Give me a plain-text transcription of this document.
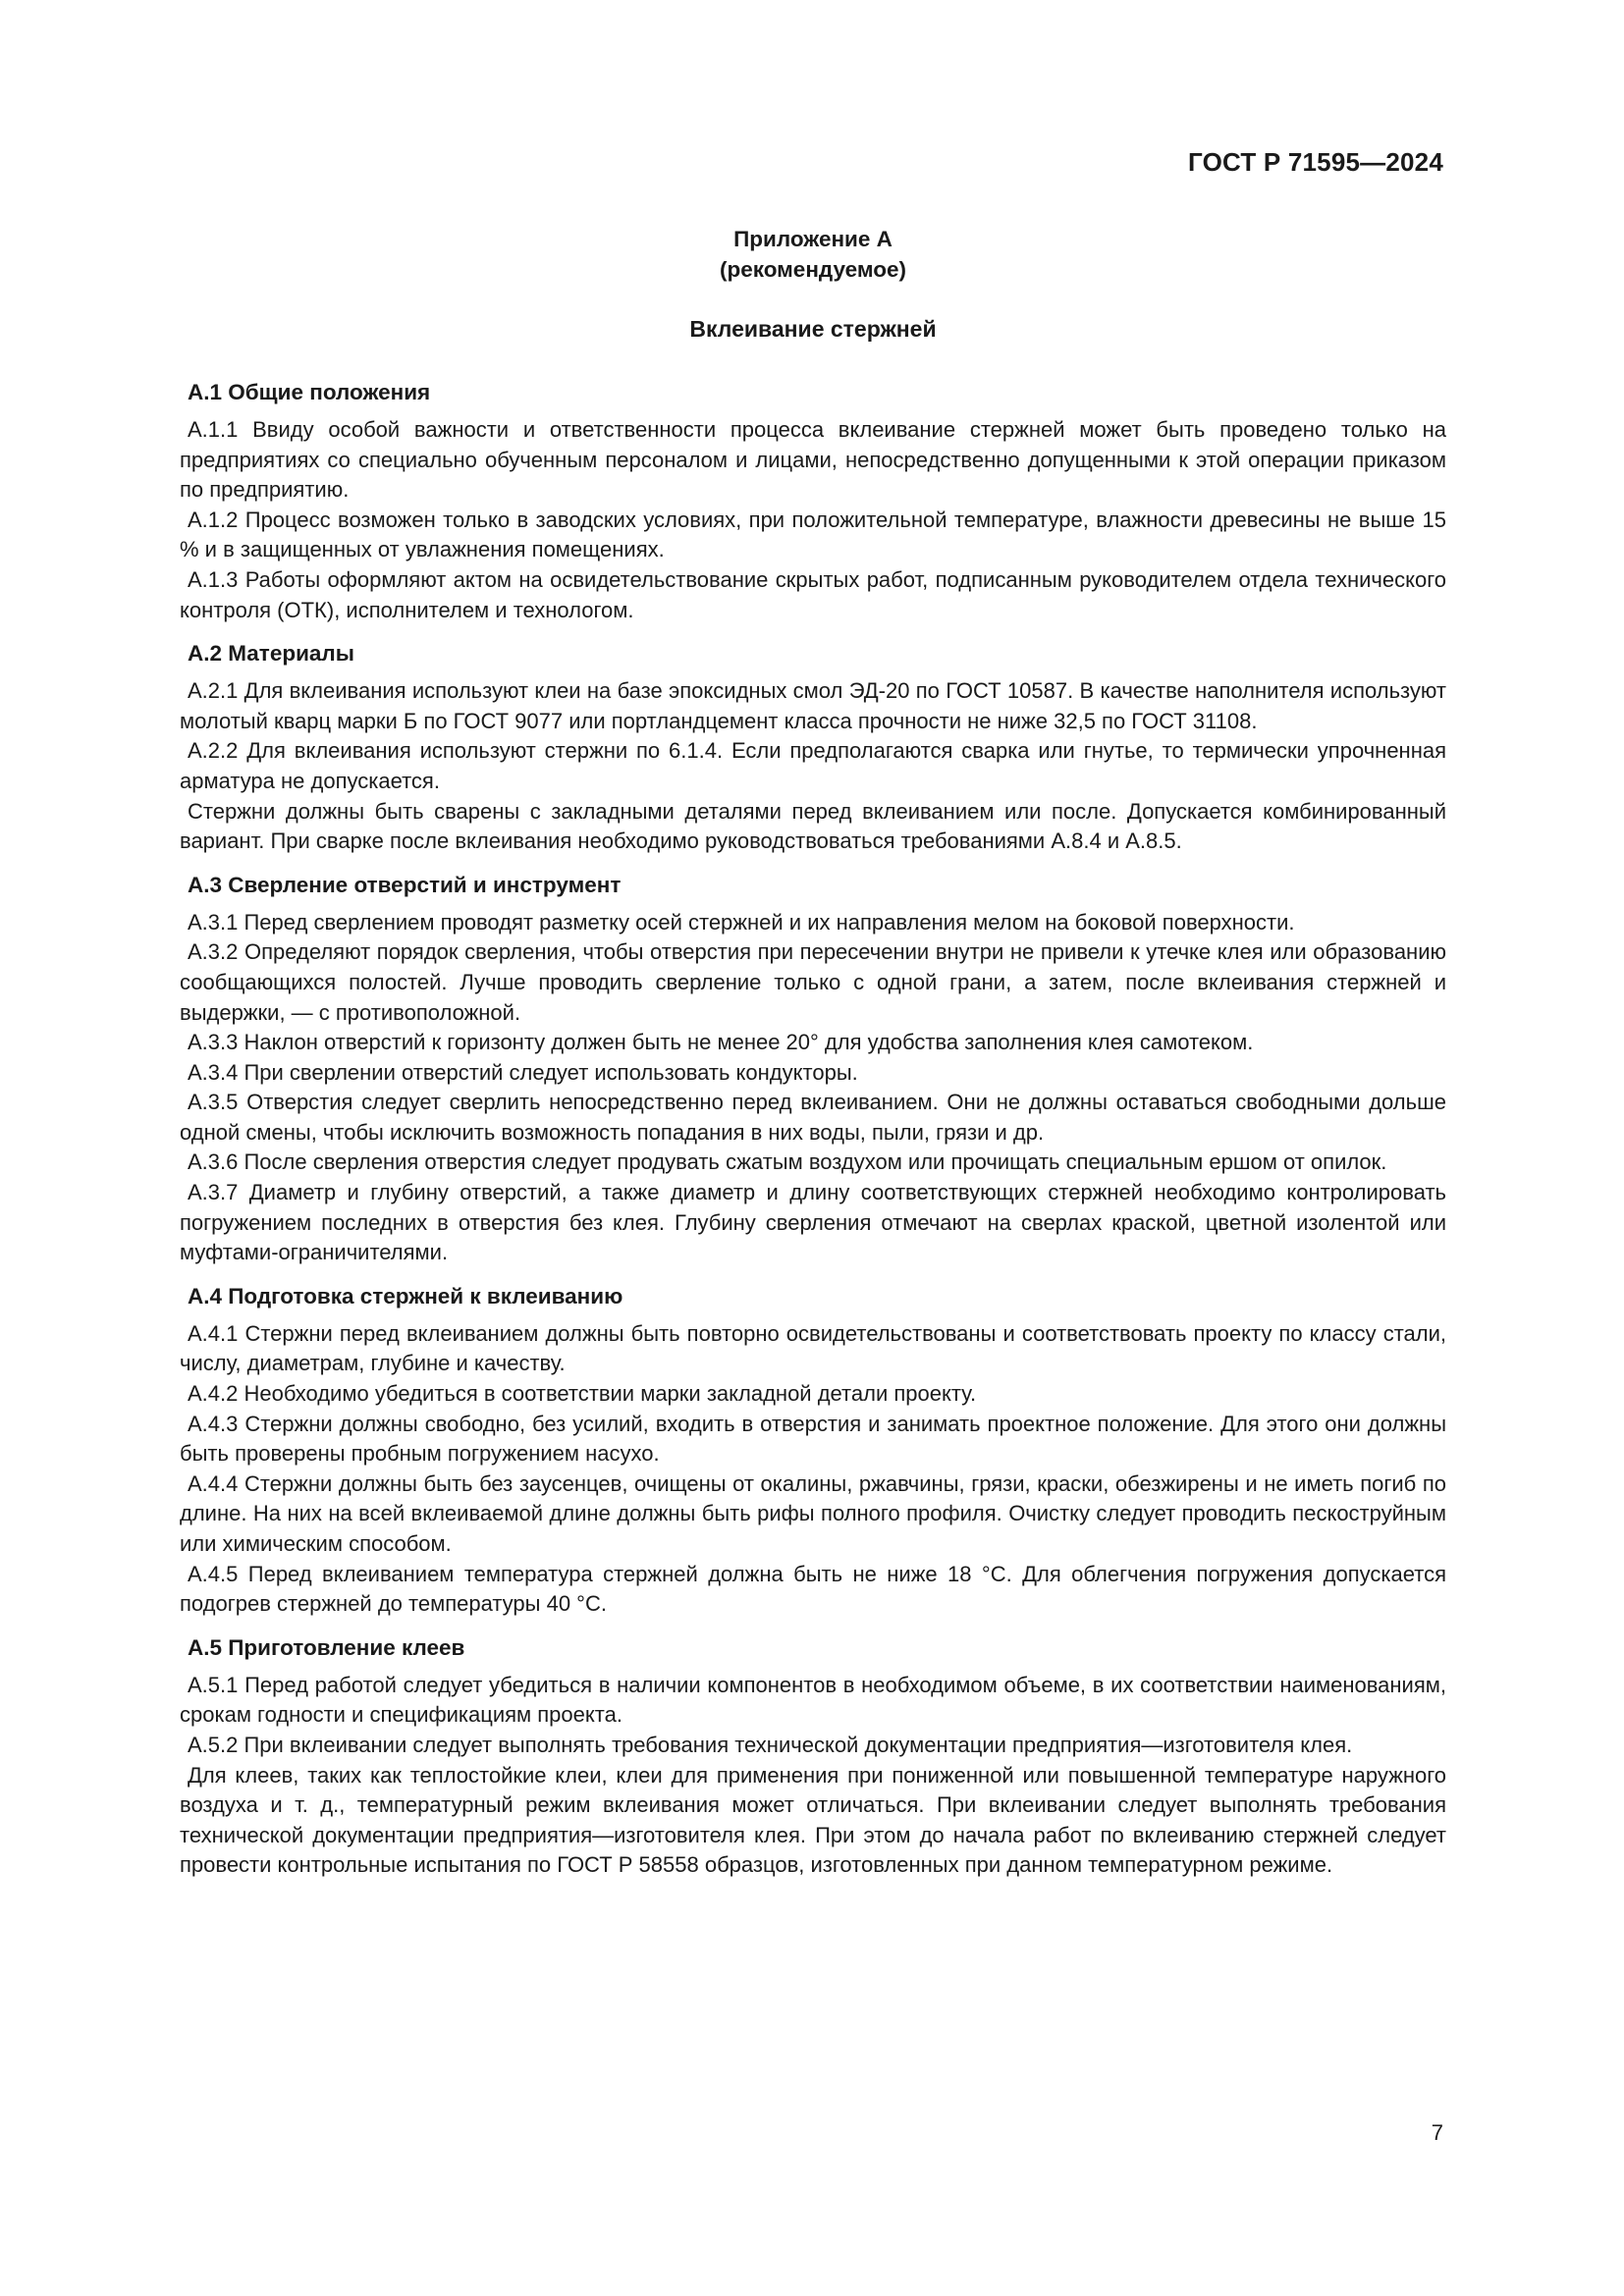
ГОСТ Р 71595—2024
Приложение А
(рекомендуемое)
Вклеивание стержней
А.1 Общие положения

А.1.1 Ввиду особой важности и ответственности процесса вклеивание стержней может быть проведено только на предприятиях со специально обученным персоналом и лицами, непосредственно допущенными к этой операции приказом по предприятию.

А.1.2 Процесс возможен только в заводских условиях, при положительной температуре, влажности древесины не выше 15 % и в защищенных от увлажнения помещениях.

А.1.3 Работы оформляют актом на освидетельствование скрытых работ, подписанным руководителем отдела технического контроля (ОТК), исполнителем и технологом.

А.2 Материалы

А.2.1 Для вклеивания используют клеи на базе эпоксидных смол ЭД-20 по ГОСТ 10587. В качестве наполнителя используют молотый кварц марки Б по ГОСТ 9077 или портландцемент класса прочности не ниже 32,5 по ГОСТ 31108.

А.2.2 Для вклеивания используют стержни по 6.1.4. Если предполагаются сварка или гнутье, то термически упрочненная арматура не допускается.

Стержни должны быть сварены с закладными деталями перед вклеиванием или после. Допускается комбинированный вариант. При сварке после вклеивания необходимо руководствоваться требованиями А.8.4 и А.8.5.

А.3 Сверление отверстий и инструмент

А.3.1 Перед сверлением проводят разметку осей стержней и их направления мелом на боковой поверхности.

А.3.2 Определяют порядок сверления, чтобы отверстия при пересечении внутри не привели к утечке клея или образованию сообщающихся полостей. Лучше проводить сверление только с одной грани, а затем, после вклеивания стержней и выдержки, — с противоположной.

А.3.3 Наклон отверстий к горизонту должен быть не менее 20° для удобства заполнения клея самотеком.

А.3.4 При сверлении отверстий следует использовать кондукторы.

А.3.5 Отверстия следует сверлить непосредственно перед вклеиванием. Они не должны оставаться свободными дольше одной смены, чтобы исключить возможность попадания в них воды, пыли, грязи и др.

А.3.6 После сверления отверстия следует продувать сжатым воздухом или прочищать специальным ершом от опилок.

А.3.7 Диаметр и глубину отверстий, а также диаметр и длину соответствующих стержней необходимо контролировать погружением последних в отверстия без клея. Глубину сверления отмечают на сверлах краской, цветной изолентой или муфтами-ограничителями.

А.4 Подготовка стержней к вклеиванию

А.4.1 Стержни перед вклеиванием должны быть повторно освидетельствованы и соответствовать проекту по классу стали, числу, диаметрам, глубине и качеству.

А.4.2 Необходимо убедиться в соответствии марки закладной детали проекту.

А.4.3 Стержни должны свободно, без усилий, входить в отверстия и занимать проектное положение. Для этого они должны быть проверены пробным погружением насухо.

А.4.4 Стержни должны быть без заусенцев, очищены от окалины, ржавчины, грязи, краски, обезжирены и не иметь погиб по длине. На них на всей вклеиваемой длине должны быть рифы полного профиля. Очистку следует проводить пескоструйным или химическим способом.

А.4.5 Перед вклеиванием температура стержней должна быть не ниже 18 °С. Для облегчения погружения допускается подогрев стержней до температуры 40 °С.

А.5 Приготовление клеев

А.5.1 Перед работой следует убедиться в наличии компонентов в необходимом объеме, в их соответствии наименованиям, срокам годности и спецификациям проекта.

А.5.2 При вклеивании следует выполнять требования технической документации предприятия—изготовителя клея.

Для клеев, таких как теплостойкие клеи, клеи для применения при пониженной или повышенной температуре наружного воздуха и т. д., температурный режим вклеивания может отличаться. При вклеивании следует выполнять требования технической документации предприятия—изготовителя клея. При этом до начала работ по вклеиванию стержней следует провести контрольные испытания по ГОСТ Р 58558 образцов, изготовленных при данном температурном режиме.

7
